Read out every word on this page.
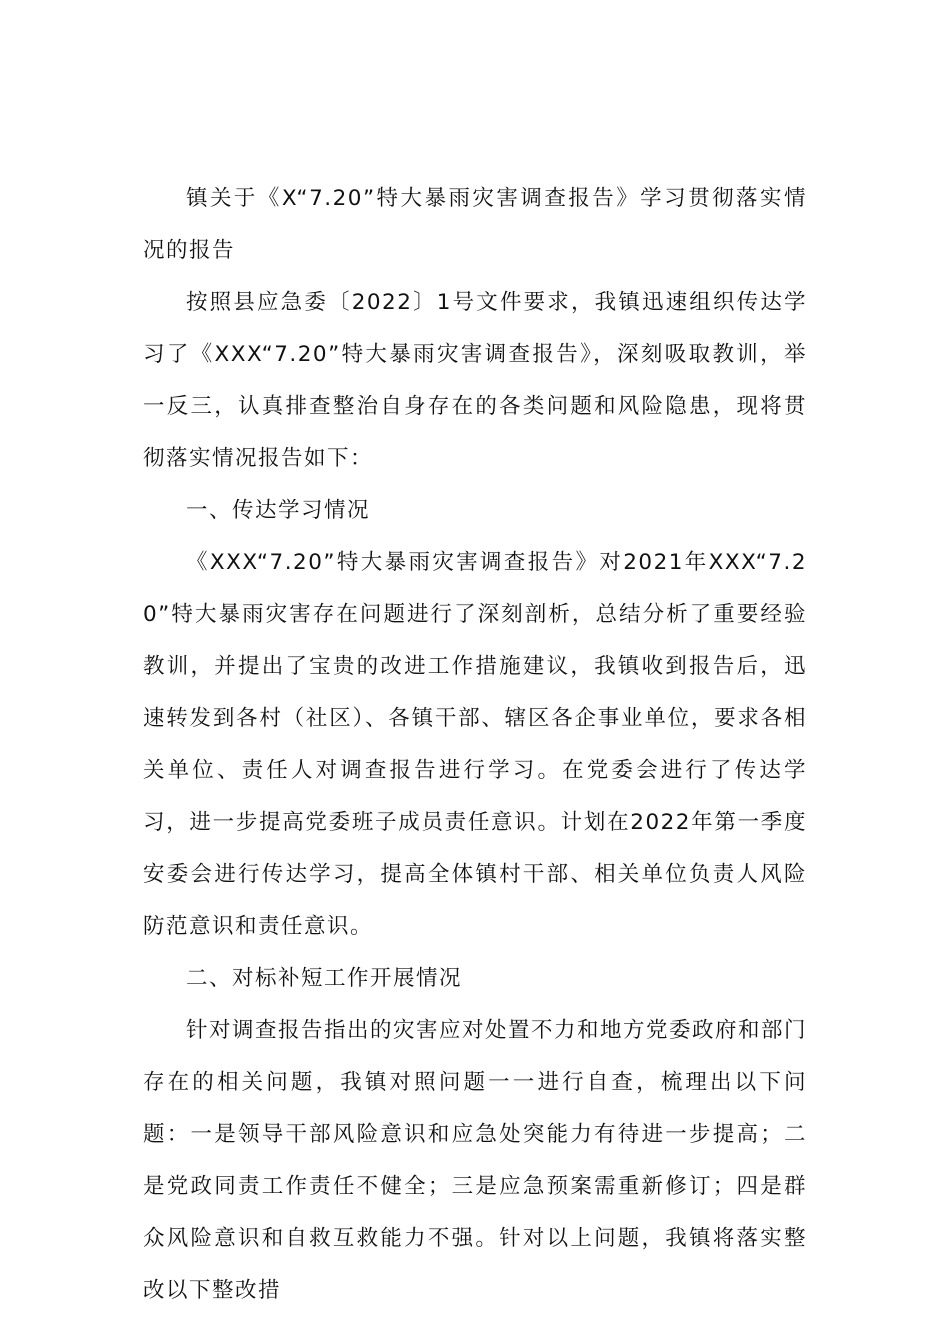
镇关于《X“7.20”特大暴雨灾害调查报告》学习贯彻落实情况的报告

按照县应急委〔2022〕1号文件要求，我镇迅速组织传达学习了《XXX“7.20”特大暴雨灾害调查报告》，深刻吸取教训，举一反三，认真排查整治自身存在的各类问题和风险隐患，现将贯彻落实情况报告如下：

一、传达学习情况

《XXX“7.20”特大暴雨灾害调查报告》对2021年XXX“7.20”特大暴雨灾害存在问题进行了深刻剖析，总结分析了重要经验教训，并提出了宝贵的改进工作措施建议，我镇收到报告后，迅速转发到各村（社区）、各镇干部、辖区各企事业单位，要求各相关单位、责任人对调查报告进行学习。在党委会进行了传达学习，进一步提高党委班子成员责任意识。计划在2022年第一季度安委会进行传达学习，提高全体镇村干部、相关单位负责人风险防范意识和责任意识。

二、对标补短工作开展情况

针对调查报告指出的灾害应对处置不力和地方党委政府和部门存在的相关问题，我镇对照问题一一进行自查，梳理出以下问题：一是领导干部风险意识和应急处突能力有待进一步提高；二是党政同责工作责任不健全；三是应急预案需重新修订；四是群众风险意识和自救互救能力不强。针对以上问题，我镇将落实整改以下整改措
